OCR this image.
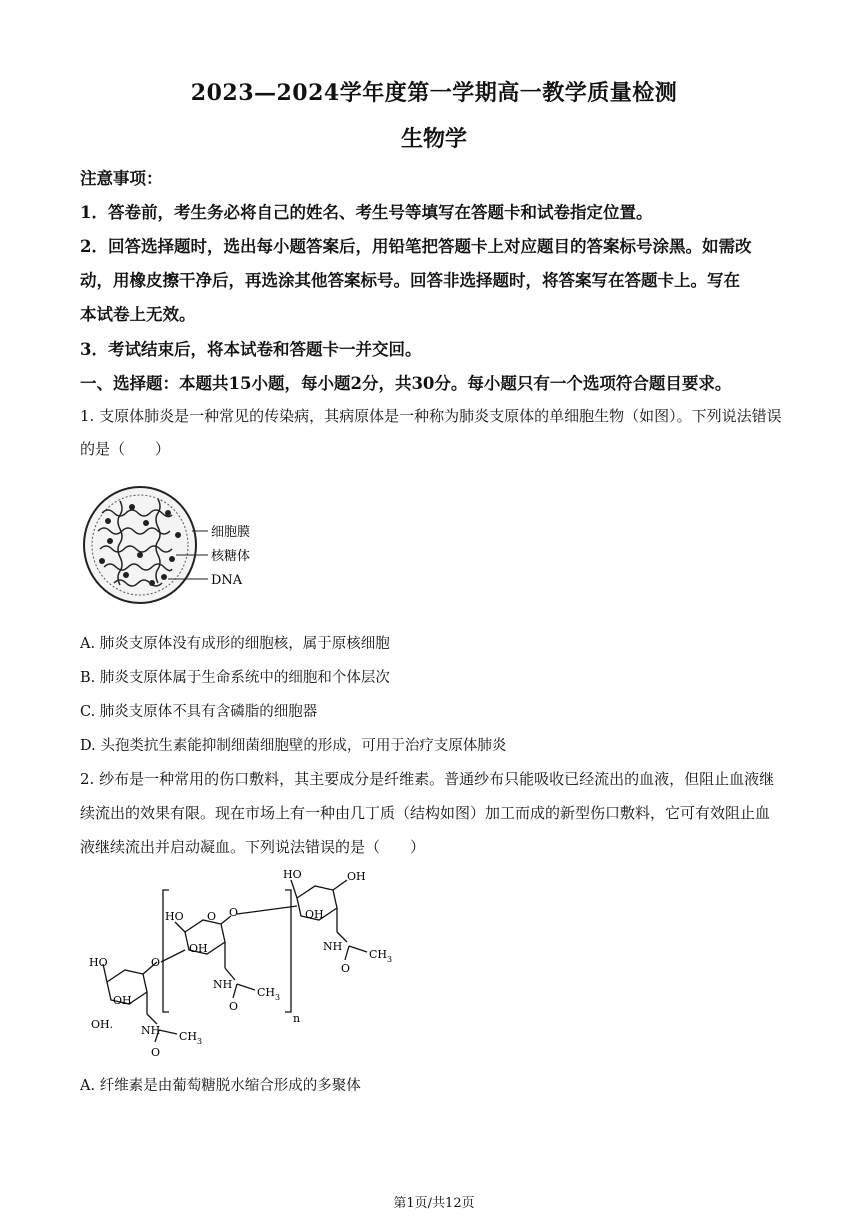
2023—2024学年度第一学期高一教学质量检测
生物学
注意事项：
1．答卷前，考生务必将自己的姓名、考生号等填写在答题卡和试卷指定位置。
2．回答选择题时，选出每小题答案后，用铅笔把答题卡上对应题目的答案标号涂黑。如需改
动，用橡皮擦干净后，再选涂其他答案标号。回答非选择题时，将答案写在答题卡上。写在
本试卷上无效。
3．考试结束后，将本试卷和答题卡一并交回。
一、选择题：本题共15小题，每小题2分，共30分。每小题只有一个选项符合题目要求。
1. 支原体肺炎是一种常见的传染病，其病原体是一种称为肺炎支原体的单细胞生物（如图）。下列说法错误
的是（　　）
细胞膜
核糖体
DNA
A. 肺炎支原体没有成形的细胞核，属于原核细胞
B. 肺炎支原体属于生命系统中的细胞和个体层次
C. 肺炎支原体不具有含磷脂的细胞器
D. 头孢类抗生素能抑制细菌细胞壁的形成，可用于治疗支原体肺炎
2. 纱布是一种常用的伤口敷料，其主要成分是纤维素。普通纱布只能吸收已经流出的血液，但阻止血液继
续流出的效果有限。现在市场上有一种由几丁质（结构如图）加工而成的新型伤口敷料，它可有效阻止血
液继续流出并启动凝血。下列说法错误的是（　　）
HO
OH
OH.	NH
O
CH 3
O
HO
OH
O O
NH
O
CH 3
n
HO	OH
OH
NH
O
CH 3
A. 纤维素是由葡萄糖脱水缩合形成的多聚体
第1页/共12页
